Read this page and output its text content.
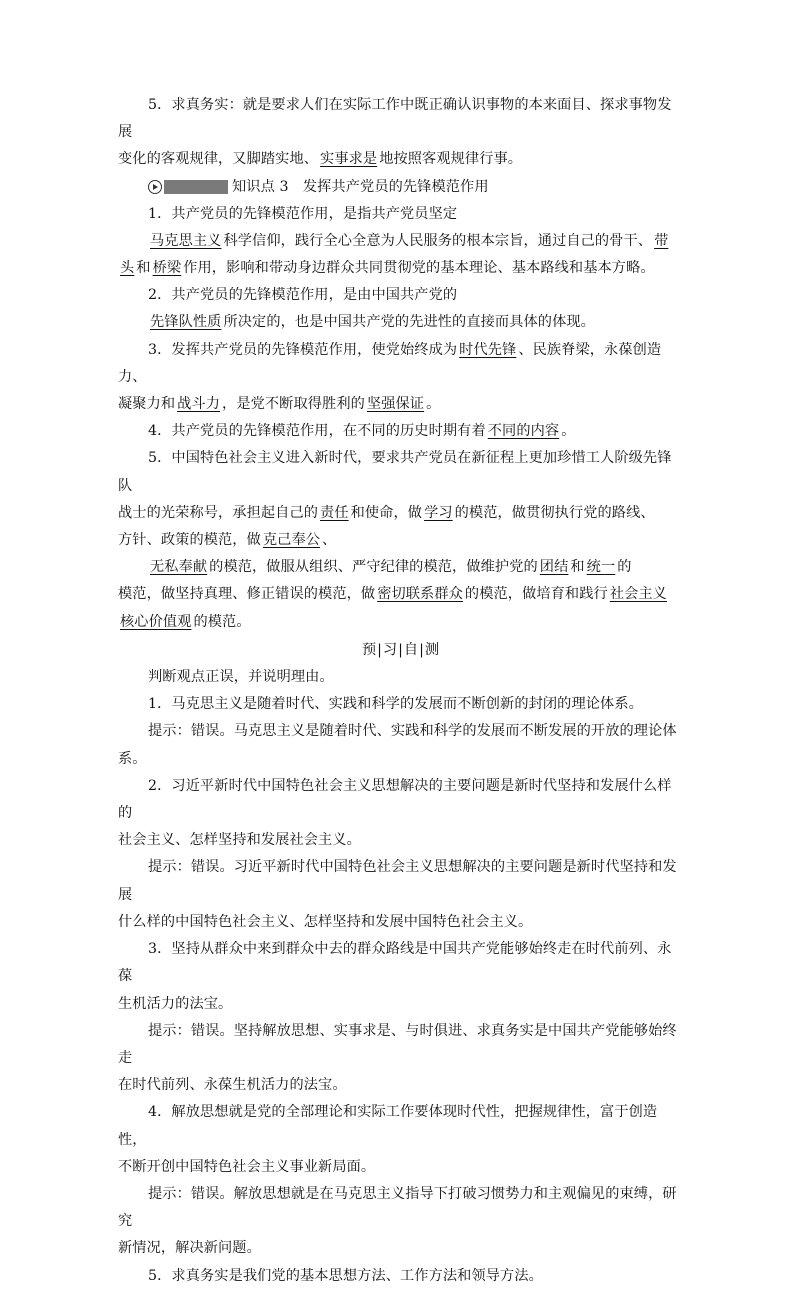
5．求真务实：就是要求人们在实际工作中既正确认识事物的本来面目、探求事物发展

变化的客观规律，又脚踏实地、 实事求是 地按照客观规律行事。

知识点 3　发挥共产党员的先锋模范作用

1．共产党员的先锋模范作用，是指共产党员坚定

马克思主义 科学信仰，践行全心全意为人民服务的根本宗旨，通过自己的骨干、 带

头 和 桥梁 作用，影响和带动身边群众共同贯彻党的基本理论、基本路线和基本方略。

2．共产党员的先锋模范作用，是由中国共产党的

先锋队性质 所决定的，也是中国共产党的先进性的直接而具体的体现。

3．发挥共产党员的先锋模范作用，使党始终成为 时代先锋 、民族脊梁，永葆创造力、

凝聚力和 战斗力 ，是党不断取得胜利的 坚强保证 。

4．共产党员的先锋模范作用，在不同的历史时期有着 不同的内容 。

5．中国特色社会主义进入新时代，要求共产党员在新征程上更加珍惜工人阶级先锋队

战士的光荣称号，承担起自己的 责任 和使命，做 学习 的模范，做贯彻执行党的路线、

方针、政策的模范，做 克己奉公 、

无私奉献 的模范，做服从组织、严守纪律的模范，做维护党的 团结 和 统一 的

模范，做坚持真理、修正错误的模范，做 密切联系群众 的模范，做培育和践行 社会主义

核心价值观 的模范。

预|习|自|测

判断观点正误，并说明理由。

1．马克思主义是随着时代、实践和科学的发展而不断创新的封闭的理论体系。

提示：错误。马克思主义是随着时代、实践和科学的发展而不断发展的开放的理论体系。

2．习近平新时代中国特色社会主义思想解决的主要问题是新时代坚持和发展什么样的

社会主义、怎样坚持和发展社会主义。

提示：错误。习近平新时代中国特色社会主义思想解决的主要问题是新时代坚持和发展

什么样的中国特色社会主义、怎样坚持和发展中国特色社会主义。

3．坚持从群众中来到群众中去的群众路线是中国共产党能够始终走在时代前列、永葆

生机活力的法宝。

提示：错误。坚持解放思想、实事求是、与时俱进、求真务实是中国共产党能够始终走

在时代前列、永葆生机活力的法宝。

4．解放思想就是党的全部理论和实际工作要体现时代性，把握规律性，富于创造性，

不断开创中国特色社会主义事业新局面。

提示：错误。解放思想就是在马克思主义指导下打破习惯势力和主观偏见的束缚，研究

新情况，解决新问题。

5．求真务实是我们党的基本思想方法、工作方法和领导方法。
